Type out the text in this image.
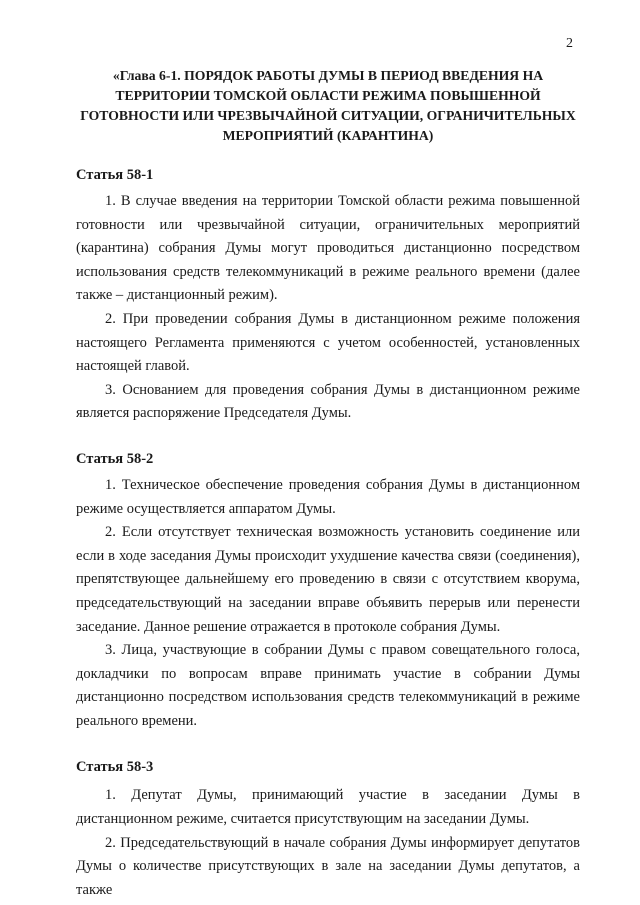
2
«Глава 6-1. ПОРЯДОК РАБОТЫ ДУМЫ В ПЕРИОД ВВЕДЕНИЯ НА ТЕРРИТОРИИ ТОМСКОЙ ОБЛАСТИ РЕЖИМА ПОВЫШЕННОЙ ГОТОВНОСТИ ИЛИ ЧРЕЗВЫЧАЙНОЙ СИТУАЦИИ, ОГРАНИЧИТЕЛЬНЫХ МЕРОПРИЯТИЙ (КАРАНТИНА)
Статья 58-1

1. В случае введения на территории Томской области режима повышенной готовности или чрезвычайной ситуации, ограничительных мероприятий (карантина) собрания Думы могут проводиться дистанционно посредством использования средств телекоммуникаций в режиме реального времени (далее также – дистанционный режим).

2. При проведении собрания Думы в дистанционном режиме положения настоящего Регламента применяются с учетом особенностей, установленных настоящей главой.

3. Основанием для проведения собрания Думы в дистанционном режиме является распоряжение Председателя Думы.

Статья 58-2

1. Техническое обеспечение проведения собрания Думы в дистанционном режиме осуществляется аппаратом Думы.

2. Если отсутствует техническая возможность установить соединение или если в ходе заседания Думы происходит ухудшение качества связи (соединения), препятствующее дальнейшему его проведению в связи с отсутствием кворума, председательствующий на заседании вправе объявить перерыв или перенести заседание. Данное решение отражается в протоколе собрания Думы.

3. Лица, участвующие в собрании Думы с правом совещательного голоса, докладчики по вопросам вправе принимать участие в собрании Думы дистанционно посредством использования средств телекоммуникаций в режиме реального времени.

Статья 58-3

1. Депутат Думы, принимающий участие в заседании Думы в дистанционном режиме, считается присутствующим на заседании Думы.

2. Председательствующий в начале собрания Думы информирует депутатов Думы о количестве присутствующих в зале на заседании Думы депутатов, а также
